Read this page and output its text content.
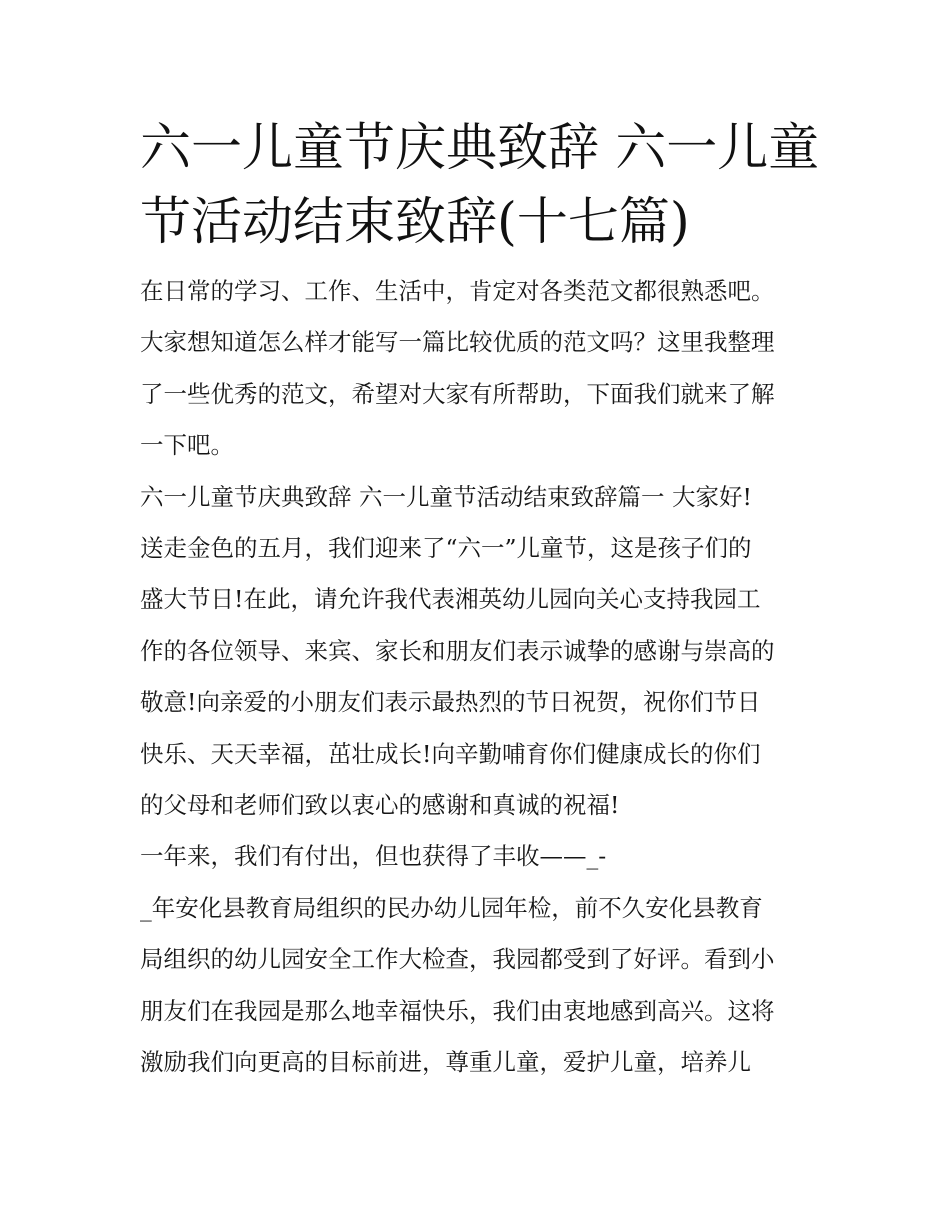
六一儿童节庆典致辞 六一儿童
节活动结束致辞(十七篇)

在日常的学习、工作、生活中，肯定对各类范文都很熟悉吧。
大家想知道怎么样才能写一篇比较优质的范文吗？这里我整理
了一些优秀的范文，希望对大家有所帮助，下面我们就来了解
一下吧。

六一儿童节庆典致辞 六一儿童节活动结束致辞篇一 大家好!
送走金色的五月，我们迎来了“六一”儿童节，这是孩子们的
盛大节日!在此，请允许我代表湘英幼儿园向关心支持我园工
作的各位领导、来宾、家长和朋友们表示诚挚的感谢与崇高的
敬意!向亲爱的小朋友们表示最热烈的节日祝贺，祝你们节日
快乐、天天幸福，茁壮成长!向辛勤哺育你们健康成长的你们
的父母和老师们致以衷心的感谢和真诚的祝福!

一年来，我们有付出，但也获得了丰收——_-
_年安化县教育局组织的民办幼儿园年检，前不久安化县教育
局组织的幼儿园安全工作大检查，我园都受到了好评。看到小
朋友们在我园是那么地幸福快乐，我们由衷地感到高兴。这将
激励我们向更高的目标前进，尊重儿童，爱护儿童，培养儿
